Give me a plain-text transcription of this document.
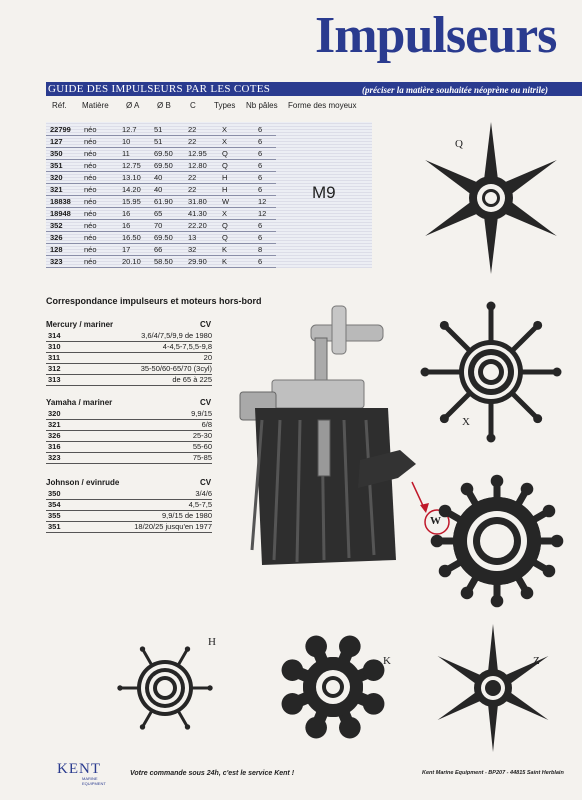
Impulseurs
GUIDE DES IMPULSEURS PAR LES COTES	(préciser la matière souhaitée néoprène ou nitrile)
Réf. Matière Ø A Ø B C Types Nb pâles Forme des moyeux
22799 néo	12.7 51	22	X	6
127	néo	10	51	22	X	6
350	néo	11	69.50 12.95 Q	6
351	néo	12.75 69.50 12.80 Q	6
320	néo	13.10 40	22	H	6
321	néo	14.20 40	22	H	6
18838 néo	15.95 61.90 31.80 W	12
18948 néo	16	65	41.30 X	12
352	néo	16	70	22.20 Q	6
326	néo	16.50 69.50 13	Q	6
128	néo	17	66	32	K	8
323	néo	20.10 58.50 29.90 K	6
M9
Correspondance impulseurs et moteurs hors-bord
Mercury / mariner	CV
314	3,6/4/7,5/9,9 de 1980
310	4-4,5-7,5,5-9,8
311	20
312	35-50/60-65/70 (3cyl)
313	de 65 à 225
Yamaha / mariner	CV
320	9,9/15
321	6/8
326	25-30
316	55-60
323	75-85
Johnson / evinrude	CV
350	3/4/6
354	4,5-7,5
355	9,9/15 de 1980
351	18/20/25 jusqu'en 1977
Q
X
W
H
K	Z
KENT
MARINE
EQUIPMENT
Votre commande sous 24h, c'est le service Kent !	Kent Marine Equipment - BP207 - 44815 Saint Herblain
